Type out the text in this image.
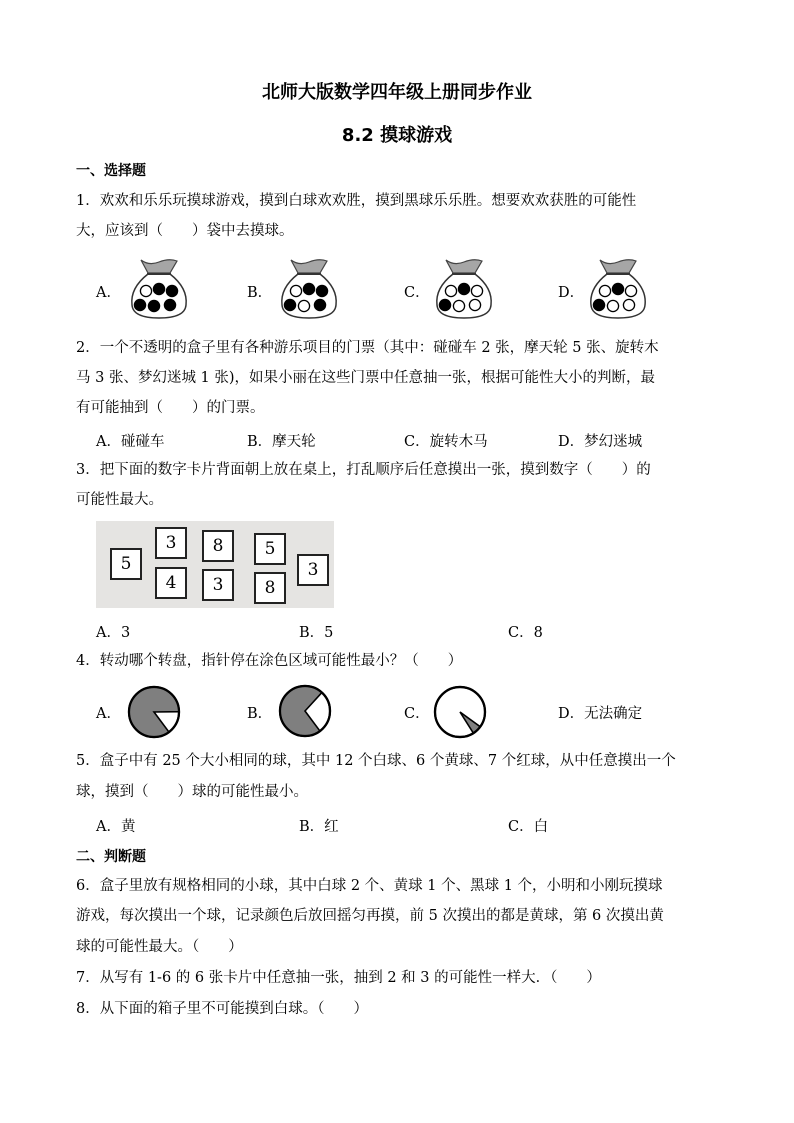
北师大版数学四年级上册同步作业
8.2 摸球游戏
一、选择题
1．欢欢和乐乐玩摸球游戏，摸到白球欢欢胜，摸到黑球乐乐胜。想要欢欢获胜的可能性
大，应该到（　　）袋中去摸球。
A．	B．	C．	D．
2．一个不透明的盒子里有各种游乐项目的门票（其中：碰碰车 2 张，摩天轮 5 张、旋转木
马 3 张、梦幻迷城 1 张)，如果小丽在这些门票中任意抽一张，根据可能性大小的判断，最
有可能抽到（　　）的门票。
A．碰碰车	B．摩天轮	C．旋转木马	D．梦幻迷城
3．把下面的数字卡片背面朝上放在桌上，打乱顺序后任意摸出一张，摸到数字（　　）的
可能性最大。
5
3	8	5
4	3	8
3
A．3	B．5	C．8
4．转动哪个转盘，指针停在涂色区域可能性最小？（　　）
A．	B．	C．	D．无法确定
5．盒子中有 25 个大小相同的球，其中 12 个白球、6 个黄球、7 个红球，从中任意摸出一个
球，摸到（　　）球的可能性最小。
A．黄	B．红	C．白
二、判断题
6．盒子里放有规格相同的小球，其中白球 2 个、黄球 1 个、黑球 1 个，小明和小刚玩摸球
游戏，每次摸出一个球，记录颜色后放回摇匀再摸，前 5 次摸出的都是黄球，第 6 次摸出黄
球的可能性最大。（　　）
7．从写有 1-6 的 6 张卡片中任意抽一张，抽到 2 和 3 的可能性一样大．（　　）
8．从下面的箱子里不可能摸到白球。（　　）
